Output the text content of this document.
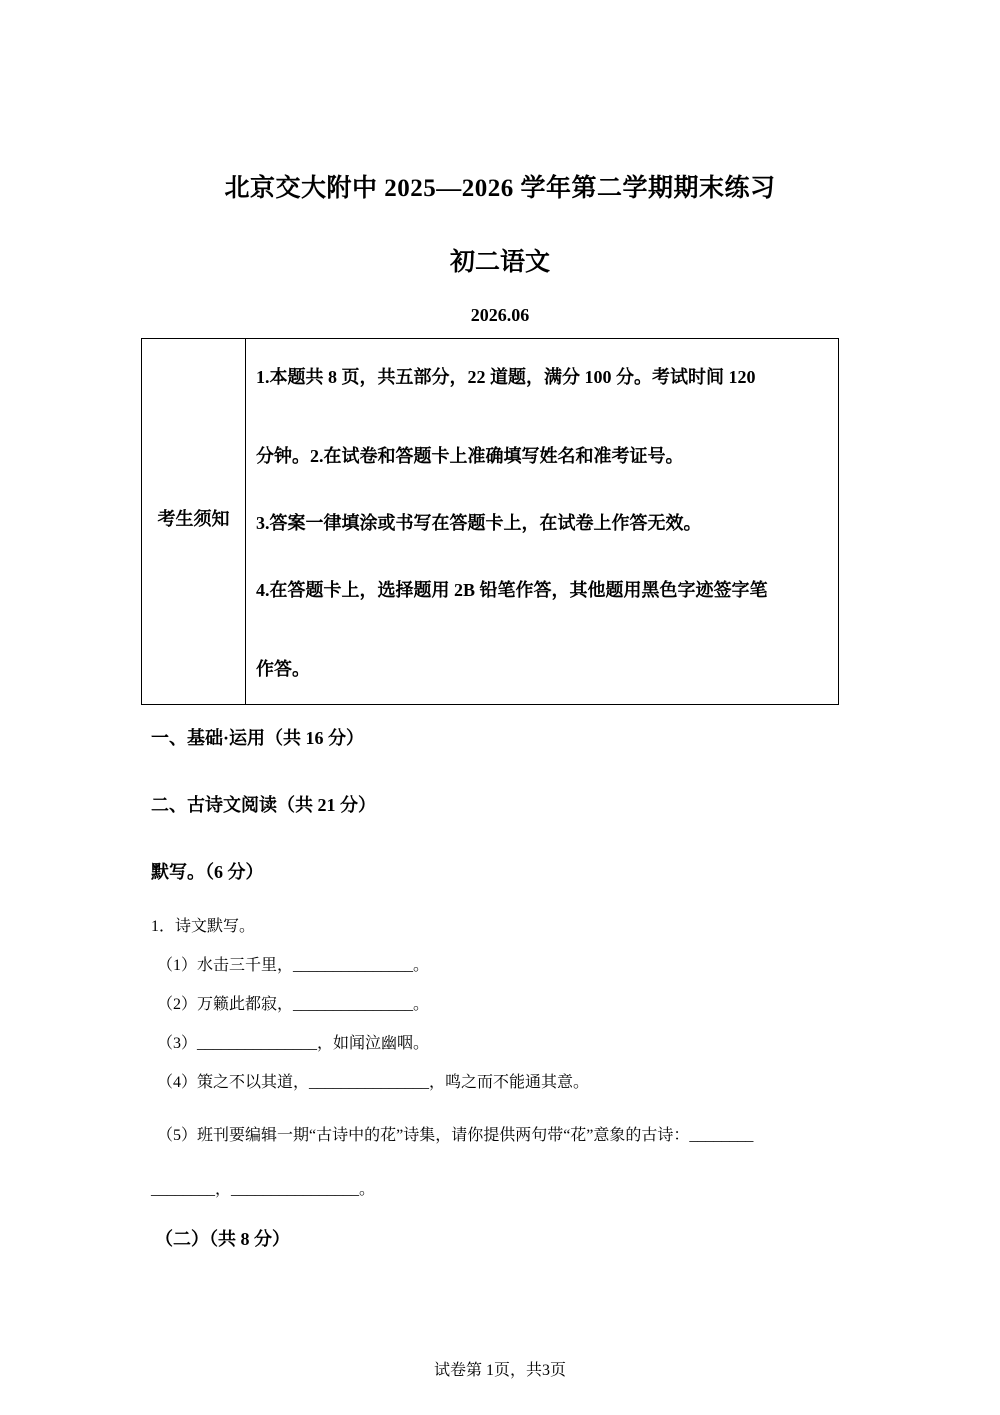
北京交大附中 2025—2026 学年第二学期期末练习
初二语文
2026.06
考生须知
1.本题共 8 页，共五部分，22 道题，满分 100 分。考试时间 120
分钟。2.在试卷和答题卡上准确填写姓名和准考证号。
3.答案一律填涂或书写在答题卡上，在试卷上作答无效。
4.在答题卡上，选择题用 2B 铅笔作答，其他题用黑色字迹签字笔
作答。
一、基础·运用（共 16 分）
二、古诗文阅读（共 21 分）
默写。（6 分）
1．诗文默写。
（1）水击三千里，_______________。
（2）万籁此都寂，_______________。
（3）_______________，如闻泣幽咽。
（4）策之不以其道，_______________，鸣之而不能通其意。
（5）班刊要编辑一期“古诗中的花”诗集，请你提供两句带“花”意象的古诗：________
________，________________。
（二）（共 8 分）
试卷第 1页，共3页
